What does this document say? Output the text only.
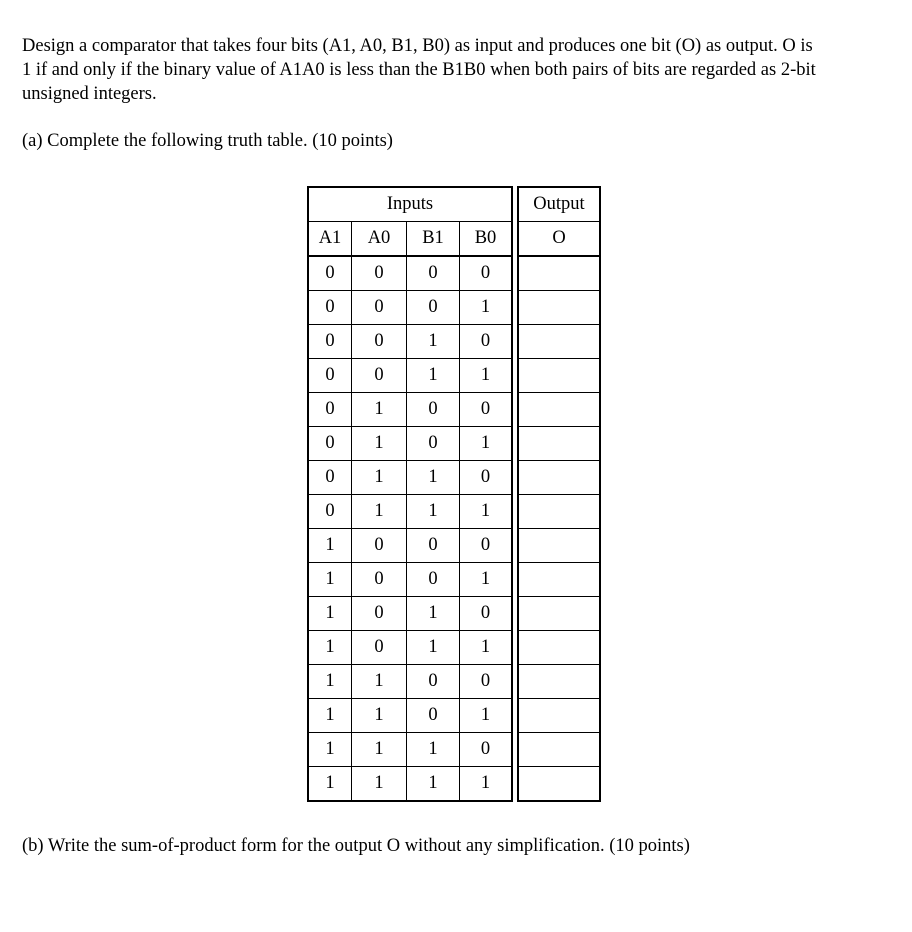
Design a comparator that takes four bits (A1, A0, B1, B0) as input and produces one bit (O) as output. O is
1 if and only if the binary value of A1A0 is less than the B1B0 when both pairs of bits are regarded as 2-bit
unsigned integers.
(a) Complete the following truth table. (10 points)
Inputs					Output
A1	A0	B1	B0		O
0	0	0	0		
0	0	0	1		
0	0	1	0		
0	0	1	1		
0	1	0	0		
0	1	0	1		
0	1	1	0		
0	1	1	1		
1	0	0	0		
1	0	0	1		
1	0	1	0		
1	0	1	1		
1	1	0	0		
1	1	0	1		
1	1	1	0		
1	1	1	1		
(b) Write the sum-of-product form for the output O without any simplification. (10 points)
